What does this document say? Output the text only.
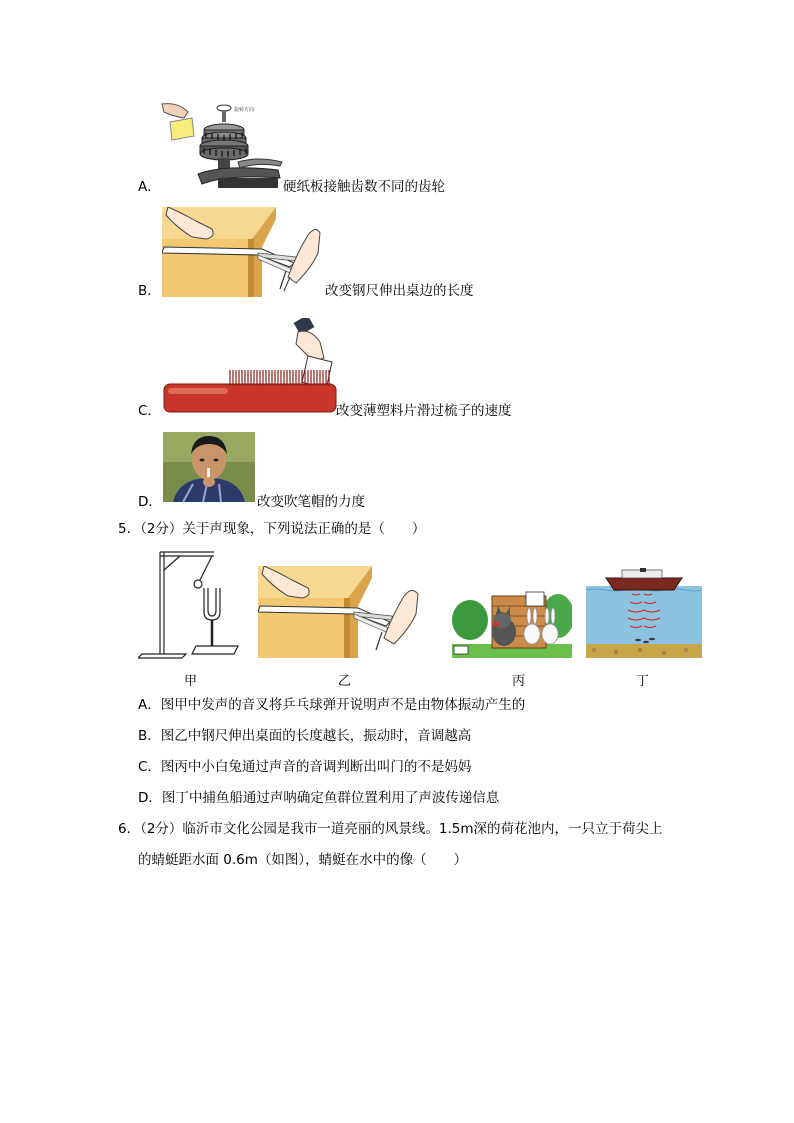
旋转方向
A．	硬纸板接触齿数不同的齿轮
B．	改变钢尺伸出桌边的长度
C．	改变薄塑料片滑过梳子的速度
D．	改变吹笔帽的力度
5．（2分）关于声现象，下列说法正确的是（　　）
甲	乙	丙	丁
A．图甲中发声的音叉将乒乓球弹开说明声不是由物体振动产生的
B．图乙中钢尺伸出桌面的长度越长，振动时，音调越高
C．图丙中小白兔通过声音的音调判断出叫门的不是妈妈
D．图丁中捕鱼船通过声呐确定鱼群位置利用了声波传递信息
6．（2分）临沂市文化公园是我市一道亮丽的风景线。1.5m深的荷花池内，一只立于荷尖上
的蜻蜓距水面 0.6m（如图），蜻蜓在水中的像（　　）
